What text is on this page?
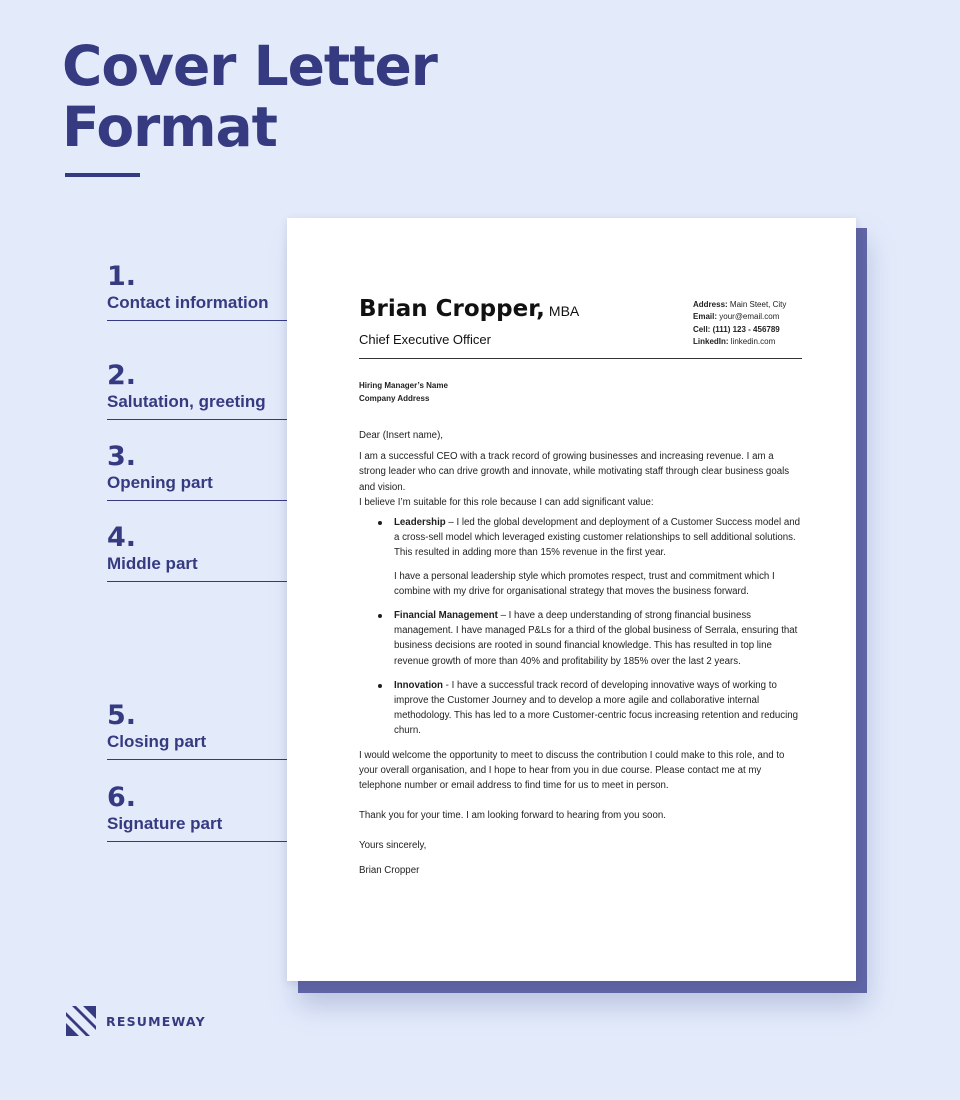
Cover Letter
Format
1.
Contact information
2.
Salutation, greeting
3.
Opening part
4.
Middle part
5.
Closing part
6.
Signature part
Brian Cropper, MBA
Chief Executive Officer
Address: Main Steet, City
Email: your@email.com
Cell: (111) 123 - 456789
LinkedIn: linkedin.com
Hiring Manager’s Name
Company Address

Dear (Insert name),

I am a successful CEO with a track record of growing businesses and increasing revenue. I am a strong leader who can drive growth and innovate, while motivating staff through clear business goals and vision.

I believe I’m suitable for this role because I can add significant value:

Leadership – I led the global development and deployment of a Customer Success model and a cross-sell model which leveraged existing customer relationships to sell additional solutions. This resulted in adding more than 15% revenue in the first year.
I have a personal leadership style which promotes respect, trust and commitment which I combine with my drive for organisational strategy that moves the business forward.
Financial Management – I have a deep understanding of strong financial business management. I have managed P&Ls for a third of the global business of Serrala, ensuring that business decisions are rooted in sound financial knowledge. This has resulted in top line revenue growth of more than 40% and profitability by 185% over the last 2 years.
Innovation - I have a successful track record of developing innovative ways of working to improve the Customer Journey and to develop a more agile and collaborative internal methodology. This has led to a more Customer-centric focus increasing retention and reducing churn.

I would welcome the opportunity to meet to discuss the contribution I could make to this role, and to your overall organisation, and I hope to hear from you in due course. Please contact me at my telephone number or email address to find time for us to meet in person.

Thank you for your time. I am looking forward to hearing from you soon.

Yours sincerely,

Brian Cropper

RESUMEWAY
